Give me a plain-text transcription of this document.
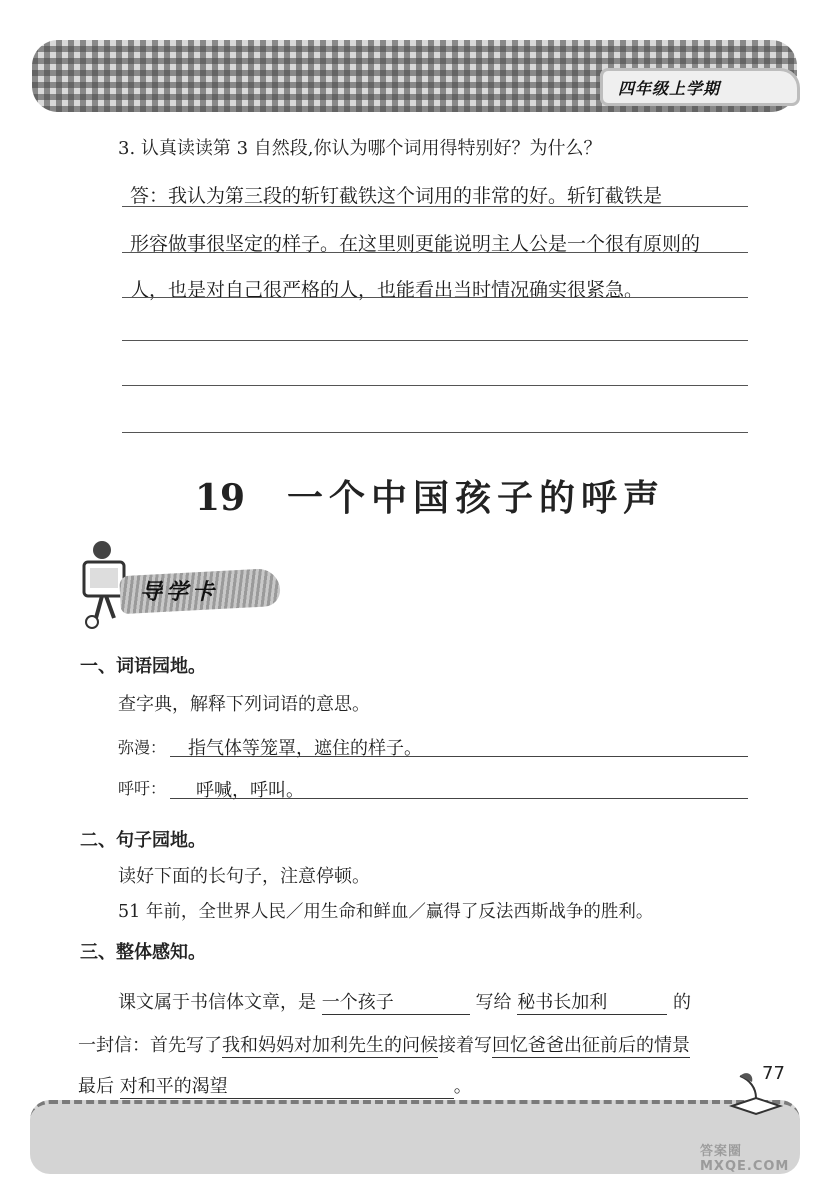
四年级上学期
3. 认真读读第 3 自然段,你认为哪个词用得特别好？为什么？
答：我认为第三段的斩钉截铁这个词用的非常的好。斩钉截铁是
形容做事很坚定的样子。在这里则更能说明主人公是一个很有原则的
人，也是对自己很严格的人，也能看出当时情况确实很紧急。
19 一个中国孩子的呼声
导学卡
一、词语园地。
查字典，解释下列词语的意思。
弥漫： 指气体等笼罩，遮住的样子。
呼吁： 呼喊，呼叫。
二、句子园地。
读好下面的长句子，注意停顿。
51 年前，全世界人民／用生命和鲜血／赢得了反法西斯战争的胜利。
三、整体感知。
课文属于书信体文章，是 一个孩子	写给 秘书长加利	的
一封信：首先写了我和妈妈对加利先生的问候接着写回忆爸爸出征前后的情景
最后 对和平的渴望	。
77
答案圈 MXQE.COM
